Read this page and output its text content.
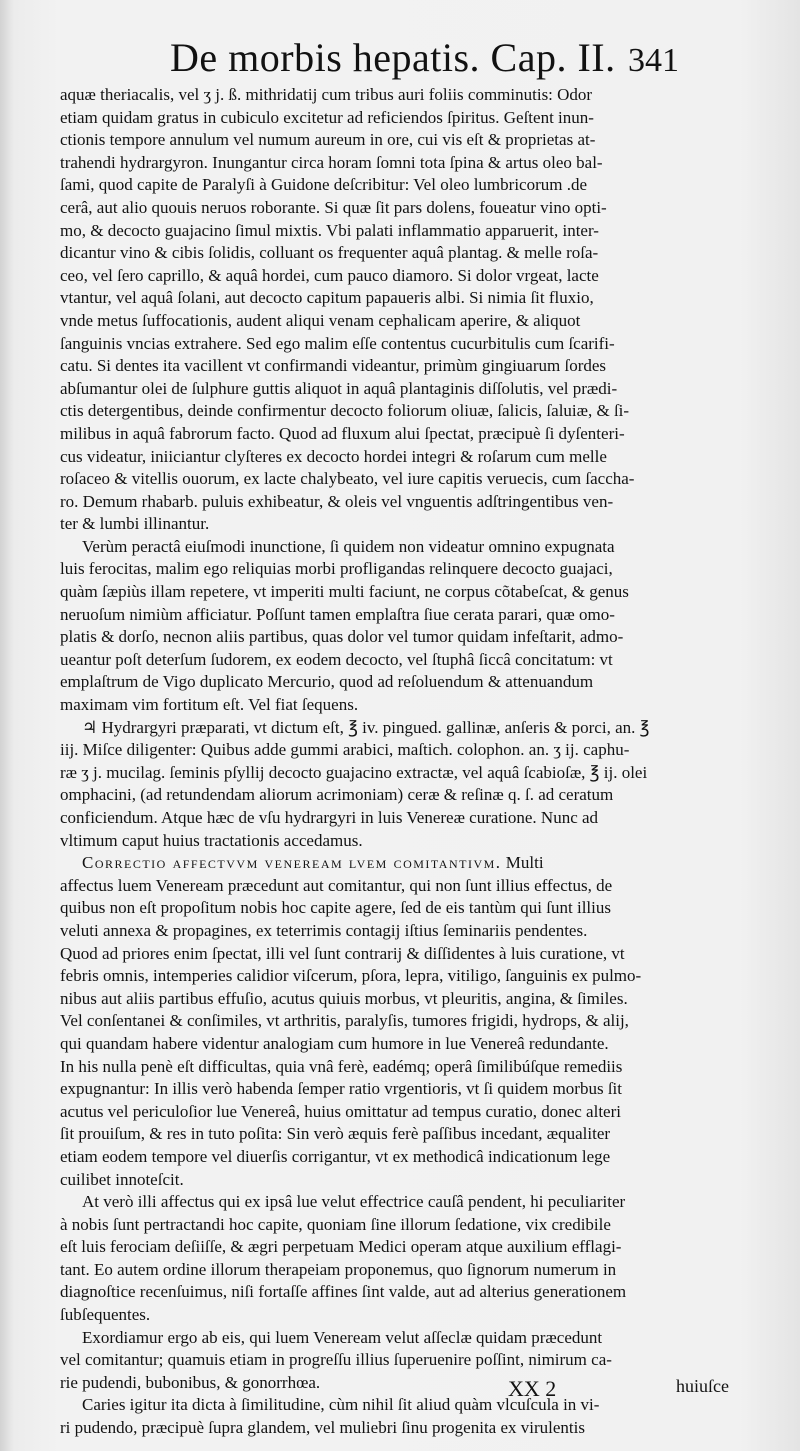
De morbis hepatis. Cap. II. 341

aquæ theriacalis, vel ʒ j. ß. mithridatij cum tribus auri foliis comminutis: Odor
etiam quidam gratus in cubiculo excitetur ad reficiendos ſpiritus. Geſtent inun-
ctionis tempore annulum vel numum aureum in ore, cui vis eſt & proprietas at-
trahendi hydrargyron. Inungantur circa horam ſomni tota ſpina & artus oleo bal-
ſami, quod capite de Paralyſi à Guidone deſcribitur: Vel oleo lumbricorum .de
cerâ, aut alio quouis neruos roborante. Si quæ ſit pars dolens, foueatur vino opti-
mo, & decocto guajacino ſimul mixtis. Vbi palati inflammatio apparuerit, inter-
dicantur vino & cibis ſolidis, colluant os frequenter aquâ plantag. & melle roſa-
ceo, vel ſero caprillo, & aquâ hordei, cum pauco diamoro. Si dolor vrgeat, lacte
vtantur, vel aquâ ſolani, aut decocto capitum papaueris albi. Si nimia ſit fluxio,
vnde metus ſuffocationis, audent aliqui venam cephalicam aperire, & aliquot
ſanguinis vncias extrahere. Sed ego malim eſſe contentus cucurbitulis cum ſcarifi-
catu. Si dentes ita vacillent vt confirmandi videantur, primùm gingiuarum ſordes
abſumantur olei de ſulphure guttis aliquot in aquâ plantaginis diſſolutis, vel prædi-
ctis detergentibus, deinde confirmentur decocto foliorum oliuæ, ſalicis, ſaluiæ, & ſi-
milibus in aquâ fabrorum facto. Quod ad fluxum alui ſpectat, præcipuè ſi dyſenteri-
cus videatur, iniiciantur clyſteres ex decocto hordei integri & roſarum cum melle
roſaceo & vitellis ouorum, ex lacte chalybeato, vel iure capitis veruecis, cum ſaccha-
ro. Demum rhabarb. puluis exhibeatur, & oleis vel vnguentis adſtringentibus ven-
ter & lumbi illinantur.

Verùm peractâ eiuſmodi inunctione, ſi quidem non videatur omnino expugnata
luis ferocitas, malim ego reliquias morbi profligandas relinquere decocto guajaci,
quàm ſæpiùs illam repetere, vt imperiti multi faciunt, ne corpus cõtabeſcat, & genus
neruoſum nimiùm afficiatur. Poſſunt tamen emplaſtra ſiue cerata parari, quæ omo-
platis & dorſo, necnon aliis partibus, quas dolor vel tumor quidam infeſtarit, admo-
ueantur poſt deterſum ſudorem, ex eodem decocto, vel ſtuphâ ſiccâ concitatum: vt
emplaſtrum de Vigo duplicato Mercurio, quod ad reſoluendum & attenuandum
maximam vim fortitum eſt. Vel fiat ſequens.

♃ Hydrargyri præparati, vt dictum eſt, ℥ iv. pingued. gallinæ, anſeris & porci, an. ℥
iij. Miſce diligenter: Quibus adde gummi arabici, maſtich. colophon. an. ʒ ij. caphu-
ræ ʒ j. mucilag. ſeminis pſyllij decocto guajacino extractæ, vel aquâ ſcabioſæ, ℥ ij. olei
omphacini, (ad retundendam aliorum acrimoniam) ceræ & reſinæ q. ſ. ad ceratum
conficiendum. Atque hæc de vſu hydrargyri in luis Venereæ curatione. Nunc ad
vltimum caput huius tractationis accedamus.

Correctio affectvvm veneream lvem comitantivm. Multi
affectus luem Veneream præcedunt aut comitantur, qui non ſunt illius effectus, de
quibus non eſt propoſitum nobis hoc capite agere, ſed de eis tantùm qui ſunt illius
veluti annexa & propagines, ex teterrimis contagij iſtius ſeminariis pendentes.
Quod ad priores enim ſpectat, illi vel ſunt contrarij & diſſidentes à luis curatione, vt
febris omnis, intemperies calidior viſcerum, pſora, lepra, vitiligo, ſanguinis ex pulmo-
nibus aut aliis partibus effuſio, acutus quiuis morbus, vt pleuritis, angina, & ſimiles.
Vel conſentanei & conſimiles, vt arthritis, paralyſis, tumores frigidi, hydrops, & alij,
qui quandam habere videntur analogiam cum humore in lue Venereâ redundante.
In his nulla penè eſt difficultas, quia vnâ ferè, eadémq; operâ ſimilibúſque remediis
expugnantur: In illis verò habenda ſemper ratio vrgentioris, vt ſi quidem morbus ſit
acutus vel periculoſior lue Venereâ, huius omittatur ad tempus curatio, donec alteri
ſit prouiſum, & res in tuto poſita: Sin verò æquis ferè paſſibus incedant, æqualiter
etiam eodem tempore vel diuerſis corrigantur, vt ex methodicâ indicationum lege
cuilibet innoteſcit.

At verò illi affectus qui ex ipsâ lue velut effectrice cauſâ pendent, hi peculiariter
à nobis ſunt pertractandi hoc capite, quoniam ſine illorum ſedatione, vix credibile
eſt luis ferociam deſiiſſe, & ægri perpetuam Medici operam atque auxilium efflagi-
tant. Eo autem ordine illorum therapeiam proponemus, quo ſignorum numerum in
diagnoſtice recenſuimus, niſi fortaſſe affines ſint valde, aut ad alterius generationem
ſubſequentes.

Exordiamur ergo ab eis, qui luem Veneream velut aſſeclæ quidam præcedunt
vel comitantur; quamuis etiam in progreſſu illius ſuperuenire poſſint, nimirum ca-
rie pudendi, bubonibus, & gonorrhœa.

Caries igitur ita dicta à ſimilitudine, cùm nihil ſit aliud quàm vlcuſcula in vi-
ri pudendo, præcipuè ſupra glandem, vel muliebri ſinu progenita ex virulentis

XX 2	huiuſce
